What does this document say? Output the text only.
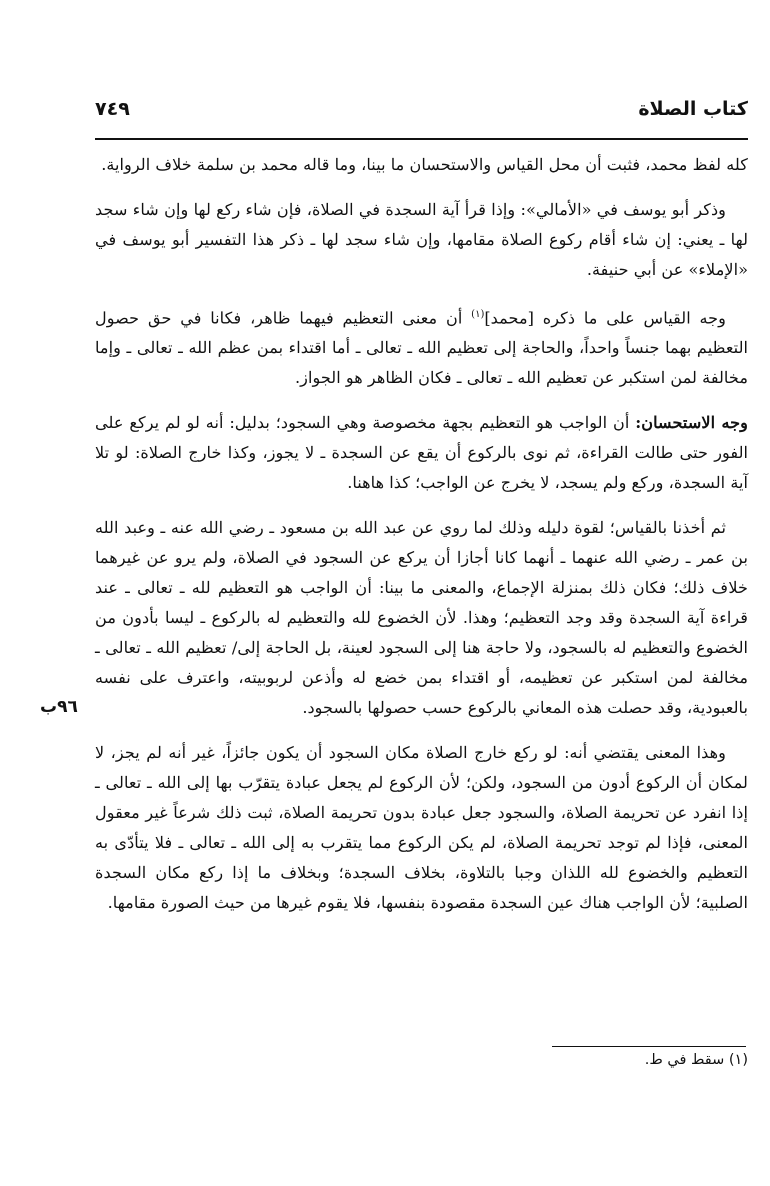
كتاب الصلاة
٧٤٩

كله لفظ محمد، فثبت أن محل القياس والاستحسان ما بينا، وما قاله محمد بن سلمة خلاف الرواية.

وذكر أبو يوسف في «الأمالي»: وإذا قرأ آية السجدة في الصلاة، فإن شاء ركع لها وإن شاء سجد لها ـ يعني: إن شاء أقام ركوع الصلاة مقامها، وإن شاء سجد لها ـ ذكر هذا التفسير أبو يوسف في «الإملاء» عن أبي حنيفة.

وجه القياس على ما ذكره [محمد]$^{(١)}$ أن معنى التعظيم فيهما ظاهر، فكانا في حق حصول التعظيم بهما جنساً واحداً، والحاجة إلى تعظيم الله ـ تعالى ـ أما اقتداء بمن عظم الله ـ تعالى ـ وإما مخالفة لمن استكبر عن تعظيم الله ـ تعالى ـ فكان الظاهر هو الجواز.

وجه الاستحسان: أن الواجب هو التعظيم بجهة مخصوصة وهي السجود؛ بدليل: أنه لو لم يركع على الفور حتى طالت القراءة، ثم نوى بالركوع أن يقع عن السجدة ـ لا يجوز، وكذا خارج الصلاة: لو تلا آية السجدة، وركع ولم يسجد، لا يخرج عن الواجب؛ كذا هاهنا.

ثم أخذنا بالقياس؛ لقوة دليله وذلك لما روي عن عبد الله بن مسعود ـ رضي الله عنه ـ وعبد الله بن عمر ـ رضي الله عنهما ـ أنهما كانا أجازا أن يركع عن السجود في الصلاة، ولم يرو عن غيرهما خلاف ذلك؛ فكان ذلك بمنزلة الإجماع، والمعنى ما بينا: أن الواجب هو التعظيم لله ـ تعالى ـ عند قراءة آية السجدة وقد وجد التعظيم؛ وهذا. لأن الخضوع لله والتعظيم له بالركوع ـ ليسا بأدون من الخضوع والتعظيم له بالسجود، ولا حاجة هنا إلى السجود لعينة، بل الحاجة إلى/ تعظيم الله ـ تعالى ـ مخالفة لمن استكبر عن تعظيمه، أو اقتداء بمن خضع له وأذعن لربوبيته، واعترف على نفسه بالعبودية، وقد حصلت هذه المعاني بالركوع حسب حصولها بالسجود.

وهذا المعنى يقتضي أنه: لو ركع خارج الصلاة مكان السجود أن يكون جائزاً، غير أنه لم يجز، لا لمكان أن الركوع أدون من السجود، ولكن؛ لأن الركوع لم يجعل عبادة يتقرّب بها إلى الله ـ تعالى ـ إذا انفرد عن تحريمة الصلاة، والسجود جعل عبادة بدون تحريمة الصلاة، ثبت ذلك شرعاً غير معقول المعنى، فإذا لم توجد تحريمة الصلاة، لم يكن الركوع مما يتقرب به إلى الله ـ تعالى ـ فلا يتأدّى به التعظيم والخضوع لله اللذان وجبا بالتلاوة، بخلاف السجدة؛ وبخلاف ما إذا ركع مكان السجدة الصلبية؛ لأن الواجب هناك عين السجدة مقصودة بنفسها، فلا يقوم غيرها من حيث الصورة مقامها.

٩٦ب
(١) سقط في ط.
